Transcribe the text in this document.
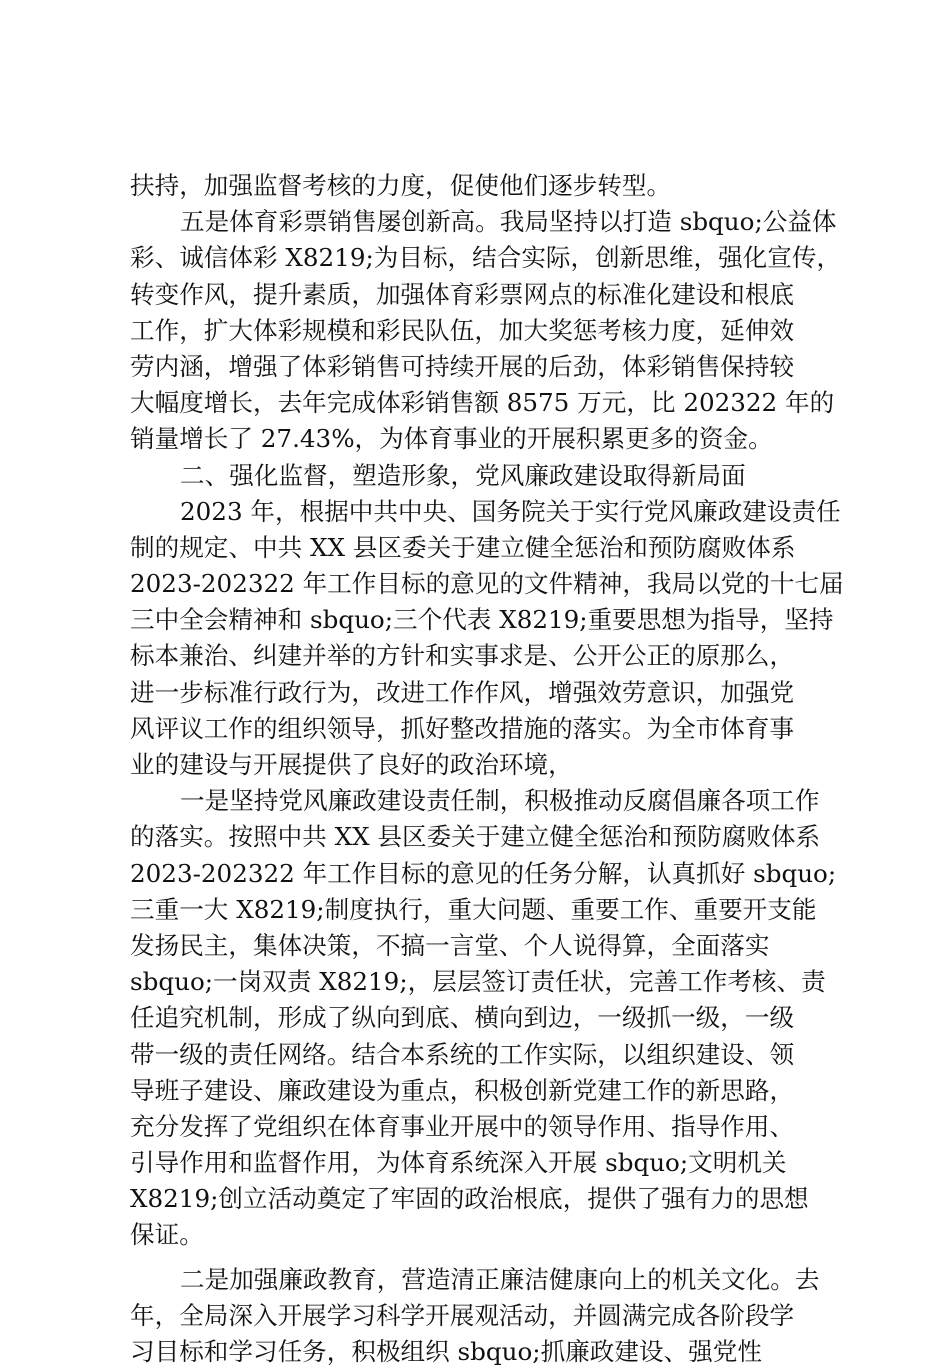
扶持，加强监督考核的力度，促使他们逐步转型。
五是体育彩票销售屡创新高。我局坚持以打造 sbquo;公益体
彩、诚信体彩 X8219;为目标，结合实际，创新思维，强化宣传，
转变作风，提升素质，加强体育彩票网点的标准化建设和根底
工作，扩大体彩规模和彩民队伍，加大奖惩考核力度，延伸效
劳内涵，增强了体彩销售可持续开展的后劲，体彩销售保持较
大幅度增长，去年完成体彩销售额 8575 万元，比 202322 年的
销量增长了 27.43%，为体育事业的开展积累更多的资金。
二、强化监督，塑造形象，党风廉政建设取得新局面
2023 年，根据中共中央、国务院关于实行党风廉政建设责任
制的规定、中共 XX 县区委关于建立健全惩治和预防腐败体系
2023-202322 年工作目标的意见的文件精神，我局以党的十七届
三中全会精神和 sbquo;三个代表 X8219;重要思想为指导，坚持
标本兼治、纠建并举的方针和实事求是、公开公正的原那么，
进一步标准行政行为，改进工作作风，增强效劳意识，加强党
风评议工作的组织领导，抓好整改措施的落实。为全市体育事
业的建设与开展提供了良好的政治环境，
一是坚持党风廉政建设责任制，积极推动反腐倡廉各项工作
的落实。按照中共 XX 县区委关于建立健全惩治和预防腐败体系
2023-202322 年工作目标的意见的任务分解，认真抓好 sbquo;
三重一大 X8219;制度执行，重大问题、重要工作、重要开支能
发扬民主，集体决策，不搞一言堂、个人说得算，全面落实
sbquo;一岗双责 X8219;，层层签订责任状，完善工作考核、责
任追究机制，形成了纵向到底、横向到边，一级抓一级，一级
带一级的责任网络。结合本系统的工作实际，以组织建设、领
导班子建设、廉政建设为重点，积极创新党建工作的新思路，
充分发挥了党组织在体育事业开展中的领导作用、指导作用、
引导作用和监督作用，为体育系统深入开展 sbquo;文明机关
X8219;创立活动奠定了牢固的政治根底，提供了强有力的思想
保证。
二是加强廉政教育，营造清正廉洁健康向上的机关文化。去
年，全局深入开展学习科学开展观活动，并圆满完成各阶段学
习目标和学习任务，积极组织 sbquo;抓廉政建设、强党性
